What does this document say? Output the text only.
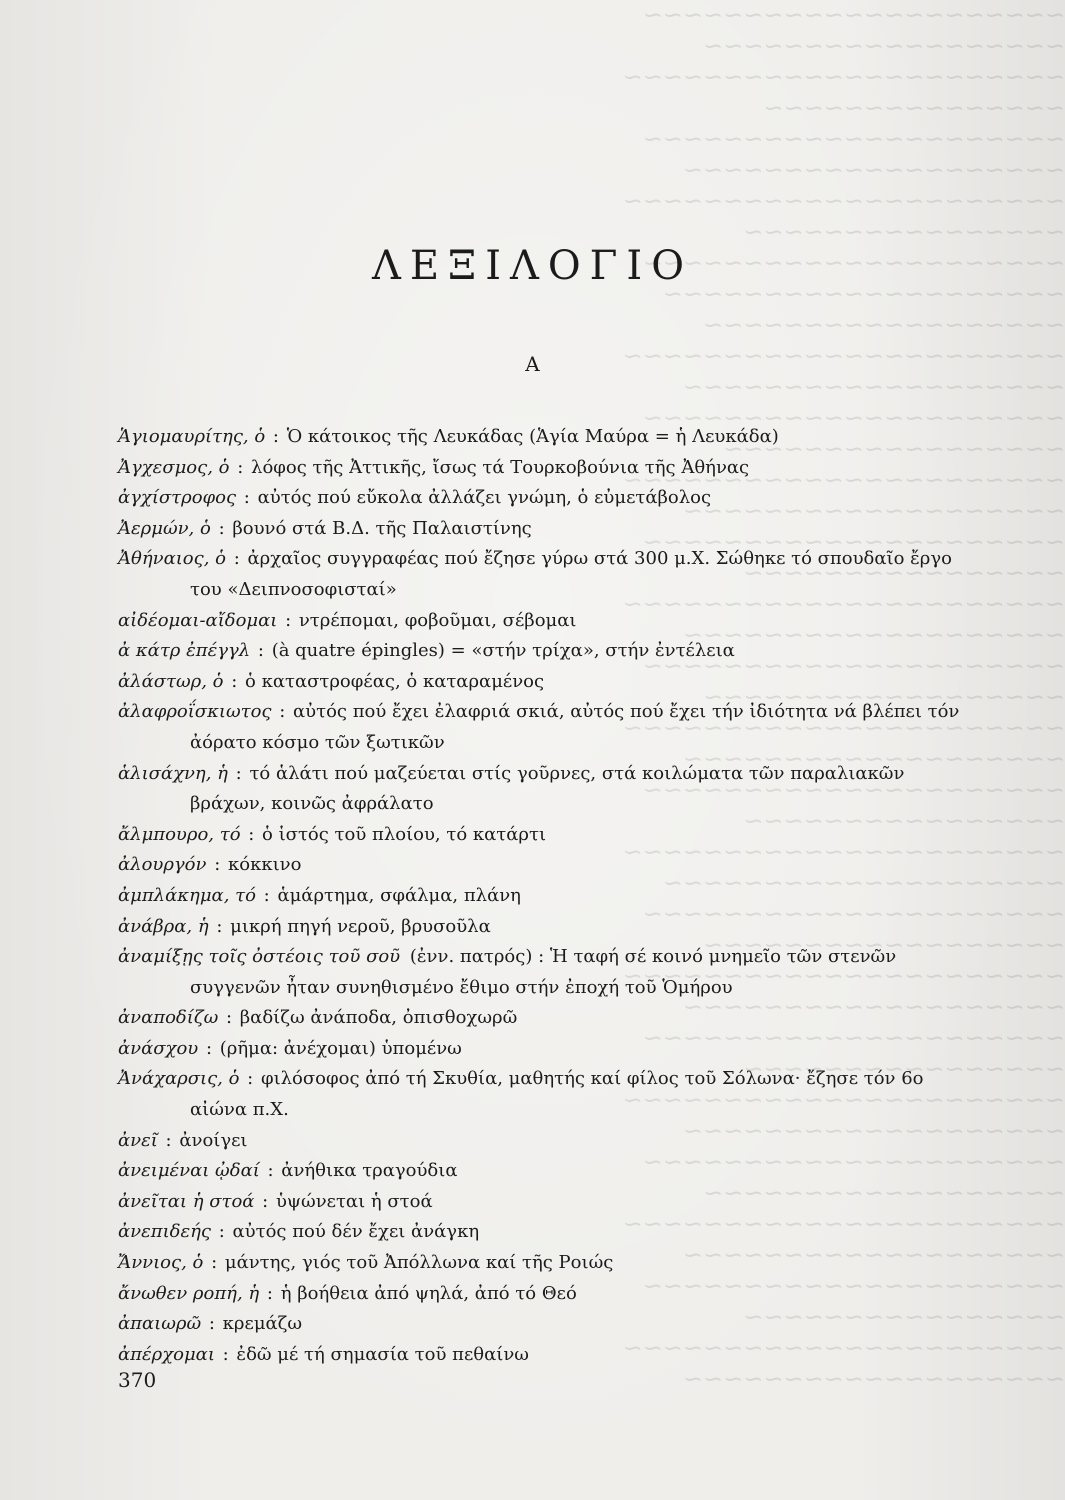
~~~~~~~~~~~~~~~~~~~~~
~~~~~~~~~~~~~~~~~~
~~~~~~~~~~~~~~~~~~~~~~
~~~~~~~~~~~~~~~
~~~~~~~~~~~~~~~~~~~~~
~~~~~~~~~~~~~~~~~~~
~~~~~~~~~~~~~~~~~~~~~~
~~~~~~~~~~~~~~~~
~~~~~~~~~~~~~~~~~~~~~
~~~~~~~~~~~~~~~~~~~~
~~~~~~~~~~~~~~~~~~
~~~~~~~~~~~~~~~~~~~~~~
~~~~~~~~~~~~~~~~~~~
~~~~~~~~~~~~~~~~~~~~~
~~~~~~~~~~~~~~~~~
~~~~~~~~~~~~~~~~~~~~~~
~~~~~~~~~~~~~~~~~~~
~~~~~~~~~~~~~~~~~~~~~
~~~~~~~~~~~~~~~~
~~~~~~~~~~~~~~~~~~~~~~
~~~~~~~~~~~~~~~~~~~
~~~~~~~~~~~~~~~~~~~~~
~~~~~~~~~~~~~~~~~~
~~~~~~~~~~~~~~~~~~~~~~
~~~~~~~~~~~~~~~~~~~
~~~~~~~~~~~~~~~~~~~~~
~~~~~~~~~~~~~~~~
~~~~~~~~~~~~~~~~~~~~~~
~~~~~~~~~~~~~~~~~~~~
~~~~~~~~~~~~~~~~~~~~~
~~~~~~~~~~~~~~~~~~
~~~~~~~~~~~~~~~~~~~~~~
~~~~~~~~~~~~~~~~~~~
~~~~~~~~~~~~~~~~~~~~~
~~~~~~~~~~~~~~~~
~~~~~~~~~~~~~~~~~~~~~~
~~~~~~~~~~~~~~~~~~~
~~~~~~~~~~~~~~~~~~~~~
~~~~~~~~~~~~~~~~~~
~~~~~~~~~~~~~~~~~~~~~~
~~~~~~~~~~~~~~~~~~~
~~~~~~~~~~~~~~~~~~~~~
~~~~~~~~~~~~~~~~
~~~~~~~~~~~~~~~~~~~~~~
~~~~~~~~~~~~~~~~~~~
ΛΕΞΙΛΟΓΙΟ
Α

Ἁγιομαυρίτης, ὁ : Ὁ κάτοικος τῆς Λευκάδας (Ἁγία Μαύρα = ἡ Λευκάδα)

Ἀγχεσμος, ὁ : λόφος τῆς Ἀττικῆς, ἴσως τά Τουρκοβούνια τῆς Ἀθήνας

ἀγχίστροφος : αὐτός πού εὔκολα ἀλλάζει γνώμη, ὁ εὐμετάβολος

Ἀερμών, ὁ : βουνό στά Β.Δ. τῆς Παλαιστίνης

Ἀθήναιος, ὁ : ἀρχαῖος συγγραφέας πού ἔζησε γύρω στά 300 μ.Χ. Σώθηκε τό σπουδαῖο ἔργο του «Δειπνοσοφισταί»

αἰδέομαι-αἴδομαι : ντρέπομαι, φοβοῦμαι, σέβομαι

ἀ κάτρ ἐπέγγλ : (à quatre épingles) = «στήν τρίχα», στήν ἐντέλεια

ἀλάστωρ, ὁ : ὁ καταστροφέας, ὁ καταραμένος

ἀλαφροΐσκιωτος : αὐτός πού ἔχει ἐλαφριά σκιά, αὐτός πού ἔχει τήν ἰδιότητα νά βλέπει τόν ἀόρατο κόσμο τῶν ξωτικῶν

ἁλισάχνη, ἡ : τό ἁλάτι πού μαζεύεται στίς γοῦρνες, στά κοιλώματα τῶν παραλιακῶν βράχων, κοινῶς ἀφράλατο

ἄλμπουρο, τό : ὁ ἱστός τοῦ πλοίου, τό κατάρτι

ἀλουργόν : κόκκινο

ἀμπλάκημα, τό : ἁμάρτημα, σφάλμα, πλάνη

ἀνάβρα, ἡ : μικρή πηγή νεροῦ, βρυσοῦλα

ἀναμίξῃς τοῖς ὀστέοις τοῦ σοῦ (ἐνν. πατρός) : Ἡ ταφή σέ κοινό μνημεῖο τῶν στενῶν συγγενῶν ἦταν συνηθισμένο ἔθιμο στήν ἐποχή τοῦ Ὁμήρου

ἀναποδίζω : βαδίζω ἀνάποδα, ὀπισθοχωρῶ

ἀνάσχου : (ρῆμα: ἀνέχομαι) ὑπομένω

Ἀνάχαρσις, ὁ : φιλόσοφος ἀπό τή Σκυθία, μαθητής καί φίλος τοῦ Σόλωνα· ἔζησε τόν 6ο αἰώνα π.Χ.

ἀνεῖ : ἀνοίγει

ἀνειμέναι ᾠδαί : ἀνήθικα τραγούδια

ἀνεῖται ἡ στοά : ὑψώνεται ἡ στοά

ἀνεπιδεής : αὐτός πού δέν ἔχει ἀνάγκη

Ἄννιος, ὁ : μάντης, γιός τοῦ Ἀπόλλωνα καί τῆς Ροιώς

ἄνωθεν ροπή, ἡ : ἡ βοήθεια ἀπό ψηλά, ἀπό τό Θεό

ἀπαιωρῶ : κρεμάζω

ἀπέρχομαι : ἐδῶ μέ τή σημασία τοῦ πεθαίνω

370
